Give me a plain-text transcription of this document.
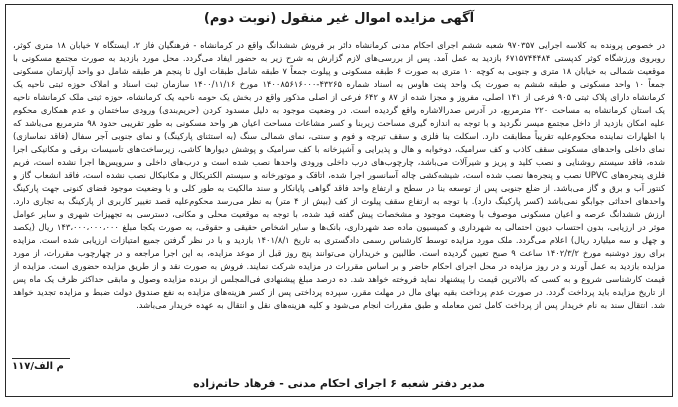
آگهی مزایده اموال غیر منقول (نوبت دوم)
در خصوص پرونده به کلاسه اجرایی ۹۷۰۳۵۷ شعبه ششم اجرای احکام مدنی کرمانشاه دائر بر فروش ششدانگ واقع در کرمانشاه - فرهنگیان فاز ۲، ایستگاه ۷ خیابان ۱۸ متری کوثر، روبروی ورزشگاه کوثر کدپستی ۶۷۱۵۷۴۴۴۸۴ بازدید به عمل آمد. پس از بررسی‌های لازم گزارش به شرح زیر به حضور ایفاد می‌گردد. محل مورد بازدید به صورت مجتمع مسکونی با موقعیت شمالی به خیابان ۱۸ متری و جنوبی به کوچه ۱۰ متری به صورت ۶ طبقه مسکونی و پیلوت جمعاً ۷ طبقه شامل طبقات اول تا پنجم هر طبقه شامل دو واحد آپارتمان مسکونی جمعاً ۱۰ واحد مسکونی و طبقه ششم به صورت یک واحد پنت هاوس به اسناد شماره ۴۳۲۶۵-۱۴۰۰۸۵۶۱۶۰۰۰ مورخ ۱۴۰۰/۱۱/۱۶ سازمان ثبت اسناد و املاک حوزه ثبتی ناحیه یک کرمانشاه دارای پلاک ثبتی ۹۰۵ فرعی از ۱۴۱ اصلی، مفروز و مجزا شده از ۸۷ و ۶۴۲ فرعی از اصلی مذکور واقع در بخش یک حومه ناحیه یک کرمانشاه، حوزه ثبتی ملک کرمانشاه ناحیه یک استان کرمانشاه به مساحت ۲۲۰ مترمربع، در آدرس صدرالاشاره واقع گردیده است. در وضعیت موجود به دلیل مسدود کردن (حریم‌بندی) ورودی ساختمان و عدم همکاری محکوم علیه امکان بازدید از داخل مجتمع میسر نگردید و با توجه به اندازه گیری مساحت زیربنا و کسر مشاعات مساحت اعیان هر واحد مسکونی به طور تقریبی حدود ۹۸ مترمربع می‌باشد که با اظهارات نماینده محکوم‌علیه تقریباً مطابقت دارد. اسکلت بنا فلزی و سقف تیرچه و فوم و سنتی، نمای شمالی سنگ (به استثنای پارکینگ) و نمای جنوبی آجر سفال (فاقد نماسازی) نمای داخلی واحدهای مسکونی سقف کاذب و کف سرامیک، دوخوابه و هال و پذیرایی و آشپزخانه با کف سرامیک و پوشش دیوارها کاشی، زیرساخت‌های تاسیسات برقی و مکانیکی اجرا شده، فاقد سیستم روشنایی و نصب کلید و پریز و شیرآلات می‌باشد، چارچوب‌های درب داخلی ورودی واحدها نصب شده است و درب‌های داخلی و سرویس‌ها اجرا نشده است، فریم فلزی پنجره‌های UPVC نصب و پنجره‌ها نصب شده است، شیشه‌کشی چاله آسانسور اجرا شده، اتاقک و موتورخانه و سیستم الکتریکال و مکانیکال نصب نشده است، فاقد انشعاب گاز و کنتور آب و برق و گاز می‌باشد. از ضلع جنوبی پس از توسعه بنا در سطح و ارتفاع واحد فاقد گواهی پایانکار و سند مالکیت به طور کلی و با وضعیت موجود فضای کنونی جهت پارکینگ واحدهای احداثی جوابگو نمی‌باشد (کسر پارکینگ دارد). با توجه به ارتفاع سقف پیلوت از کف (بیش از ۴ متر) به نظر می‌رسد محکوم‌علیه قصد تغییر کاربری از پارکینگ به تجاری دارد. ارزش ششدانگ عرصه و اعیان مسکونی موصوف با وضعیت موجود و مشخصات پیش گفته قید شده، با توجه به موقعیت محلی و مکانی، دسترسی به تجهیزات شهری و سایر عوامل موثر در ارزیابی، بدون احتساب دیون احتمالی به شهرداری و کمیسیون ماده صد شهرداری، بانک‌ها و سایر اشخاص حقیقی و حقوقی، به صورت یکجا مبلغ ۱۴۳،۰۰۰،۰۰۰،۰۰۰ ریال (یکصد و چهل و سه میلیارد ریال) اعلام می‌گردد. ملک مورد مزایده توسط کارشناس رسمی دادگستری به تاریخ ۱۴۰۱/۸/۱ بازدید و با در نظر گرفتن جمیع امتیازات ارزیابی شده است. مزایده برای روز دوشنبه مورخ ۱۴۰۲/۳/۲ ساعت ۹ صبح تعیین گردیده است. طالبین و خریداران می‌توانند پنج روز قبل از موعد مزایده، به این اجرا مراجعه و در چهارچوب مقررات، از مورد مزایده بازدید به عمل آورند و در روز مزایده در محل اجرای احکام حاضر و بر اساس مقررات در مزایده شرکت نمایند. فروش به صورت نقد و از طریق مزایده حضوری است. مزایده از قیمت کارشناسی شروع و به کسی که بالاترین قیمت را پیشنهاد نماید فروخته خواهد شد. ده درصد مبلغ پیشنهادی فی‌المجلس از برنده مزایده وصول و مابقی حداکثر ظرف یک ماه پس از تاریخ مزایده باید پرداخت گردد. در صورت عدم پرداخت بقیه بهای مال در مهلت مقرر، سپرده پرداختی پس از کسر هزینه‌های مزایده به نفع صندوق دولت ضبط و مزایده تجدید خواهد شد. انتقال سند به نام خریدار پس از پرداخت کامل ثمن معامله و طبق مقررات انجام می‌شود و کلیه هزینه‌های نقل و انتقال به عهده خریدار می‌باشد.
م الف/۱۱۷
مدیر دفتر شعبه ۶ اجرای احکام مدنی - فرهاد حاتم‌زاده
